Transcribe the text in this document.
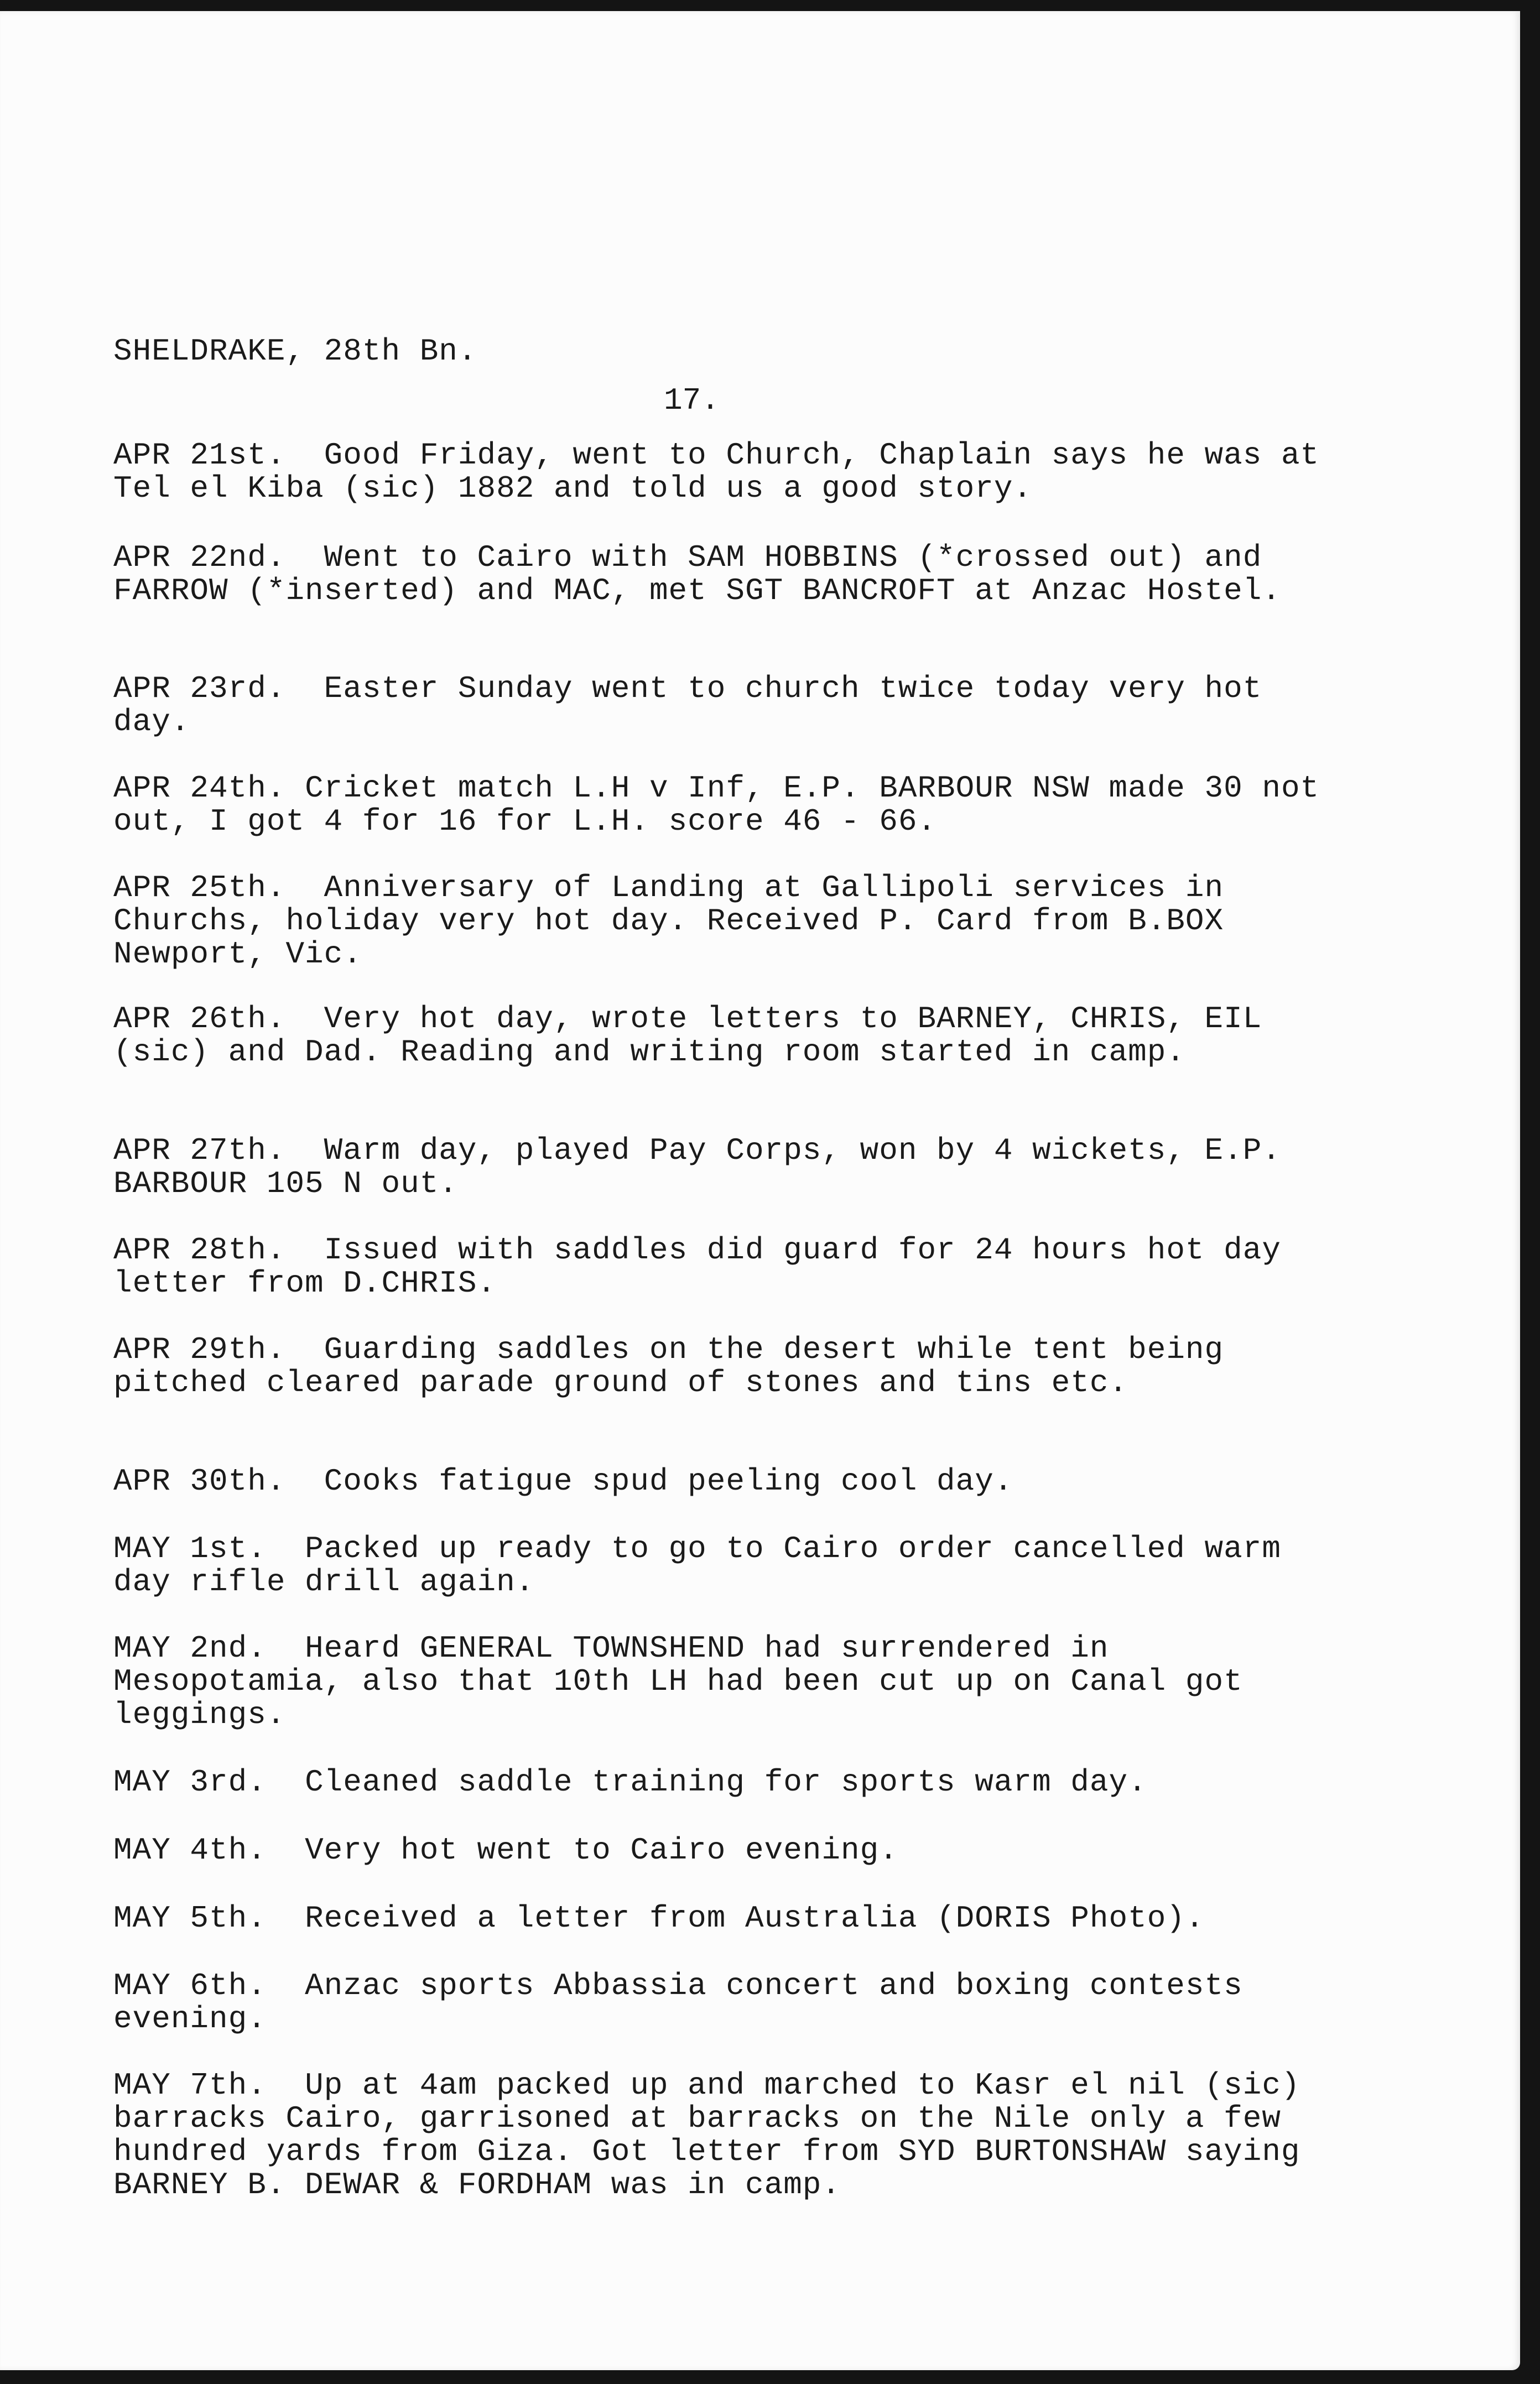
SHELDRAKE, 28th Bn.
17.
APR 21st. Good Friday, went to Church, Chaplain says he was at Tel el Kiba (sic) 1882 and told us a good story.
APR 22nd. Went to Cairo with SAM HOBBINS (*crossed out) and FARROW (*inserted) and MAC, met SGT BANCROFT at Anzac Hostel.
APR 23rd. Easter Sunday went to church twice today very hot day.
APR 24th. Cricket match L.H v Inf, E.P. BARBOUR NSW made 30 not out, I got 4 for 16 for L.H. score 46 - 66.
APR 25th. Anniversary of Landing at Gallipoli services in Churchs, holiday very hot day. Received P. Card from B.BOX Newport, Vic.
APR 26th. Very hot day, wrote letters to BARNEY, CHRIS, EIL (sic) and Dad. Reading and writing room started in camp.
APR 27th. Warm day, played Pay Corps, won by 4 wickets, E.P. BARBOUR 105 N out.
APR 28th. Issued with saddles did guard for 24 hours hot day letter from D.CHRIS.
APR 29th. Guarding saddles on the desert while tent being pitched cleared parade ground of stones and tins etc.
APR 30th. Cooks fatigue spud peeling cool day.
MAY 1st. Packed up ready to go to Cairo order cancelled warm day rifle drill again.
MAY 2nd. Heard GENERAL TOWNSHEND had surrendered in Mesopotamia, also that 10th LH had been cut up on Canal got leggings.
MAY 3rd. Cleaned saddle training for sports warm day.
MAY 4th. Very hot went to Cairo evening.
MAY 5th. Received a letter from Australia (DORIS Photo).
MAY 6th. Anzac sports Abbassia concert and boxing contests evening.
MAY 7th. Up at 4am packed up and marched to Kasr el nil (sic) barracks Cairo, garrisoned at barracks on the Nile only a few hundred yards from Giza. Got letter from SYD BURTONSHAW saying BARNEY B. DEWAR & FORDHAM was in camp.
